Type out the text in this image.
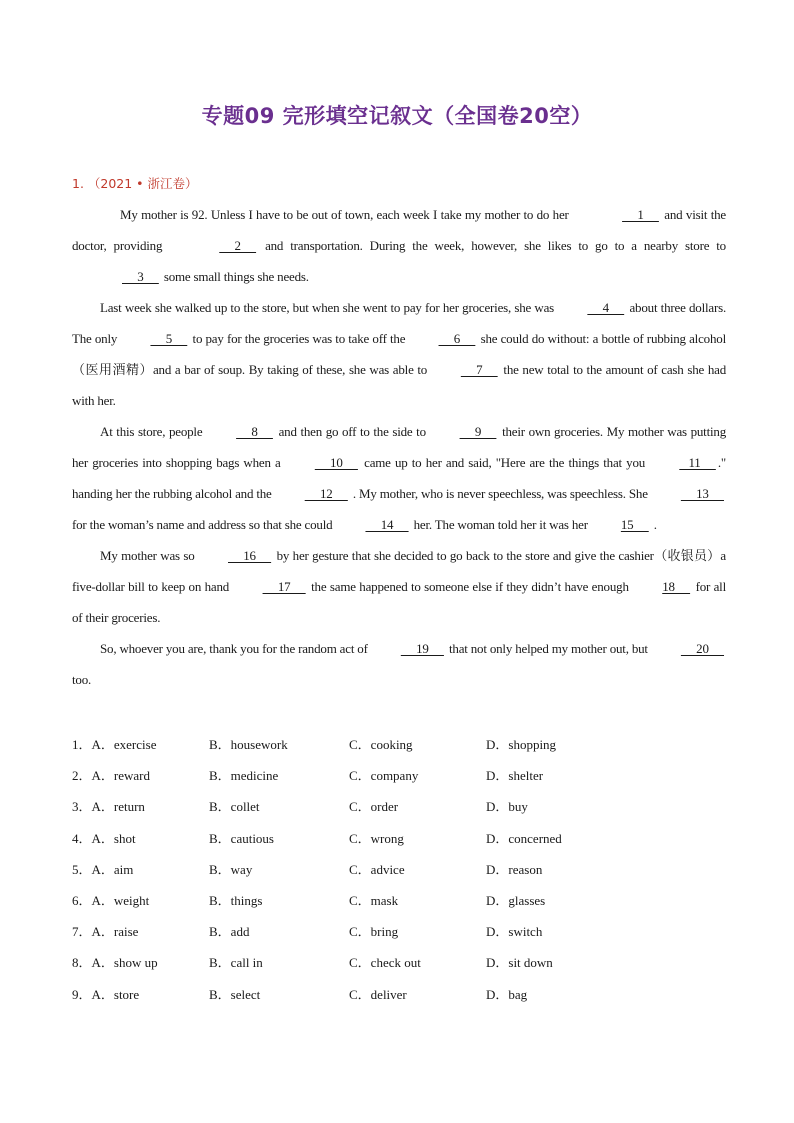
专题09 完形填空记叙文（全国卷20空）
1. （2021 • 浙江卷）

My mother is 92. Unless I have to be out of town, each week I take my mother to do her	1      and visit the doctor, providing	2      and transportation. During the week, however, she likes to go to a nearby store to      3      some small things she needs.

Last week she walked up to the store, but when she went to pay for her groceries, she was      4      about three dollars. The only      5      to pay for the groceries was to take off the      6      she could do without: a bottle of rubbing alcohol（医用酒精）and a bar of soup. By taking of these, she was able to      7      the new total to the amount of cash she had with her.

At this store, people      8      and then go off to the side to      9      their own groceries. My mother was putting her groceries into shopping bags when a      10      came up to her and said, "Here are the things that you    11     ." handing her the rubbing alcohol and the      12      . My mother, who is never speechless, was speechless. She      13      for the woman’s name and address so that she could      14      her. The woman told her it was her 15      .

My mother was so      16      by her gesture that she decided to go back to the store and give the cashier（收银员）a five-dollar bill to keep on hand      17      the same happened to someone else if they didn’t have enough 18      for all of their groceries.

So, whoever you are, thank you for the random act of      19      that not only helped my mother out, but      20      too.

1．A．exercise	B．housework	C．cooking	D．shopping
2．A．reward	B．medicine	C．company	D．shelter
3．A．return	B．collet	C．order	D．buy
4．A．shot	B．cautious	C．wrong	D．concerned
5．A．aim	B．way	C．advice	D．reason
6．A．weight	B．things	C．mask	D．glasses
7．A．raise	B．add	C．bring	D．switch
8．A．show up	B．call in	C．check out	D．sit down
9．A．store	B．select	C．deliver	D．bag
